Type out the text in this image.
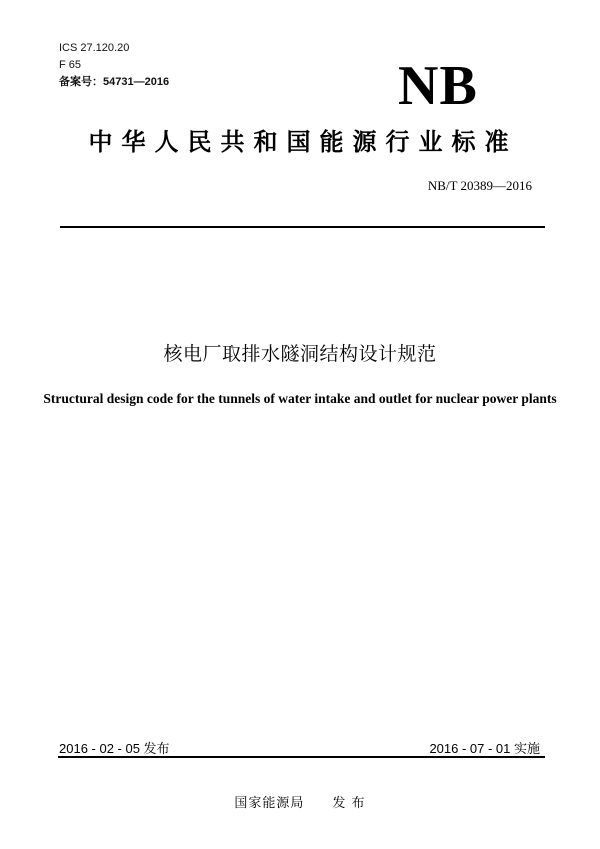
ICS 27.120.20
F 65
备案号：54731—2016	NB
中华人民共和国能源行业标准
NB/T 20389—2016
核电厂取排水隧洞结构设计规范
Structural design code for the tunnels of water intake and outlet for nuclear power plants
2016 - 02 - 05 发布	2016 - 07 - 01 实施
国家能源局　　发 布
